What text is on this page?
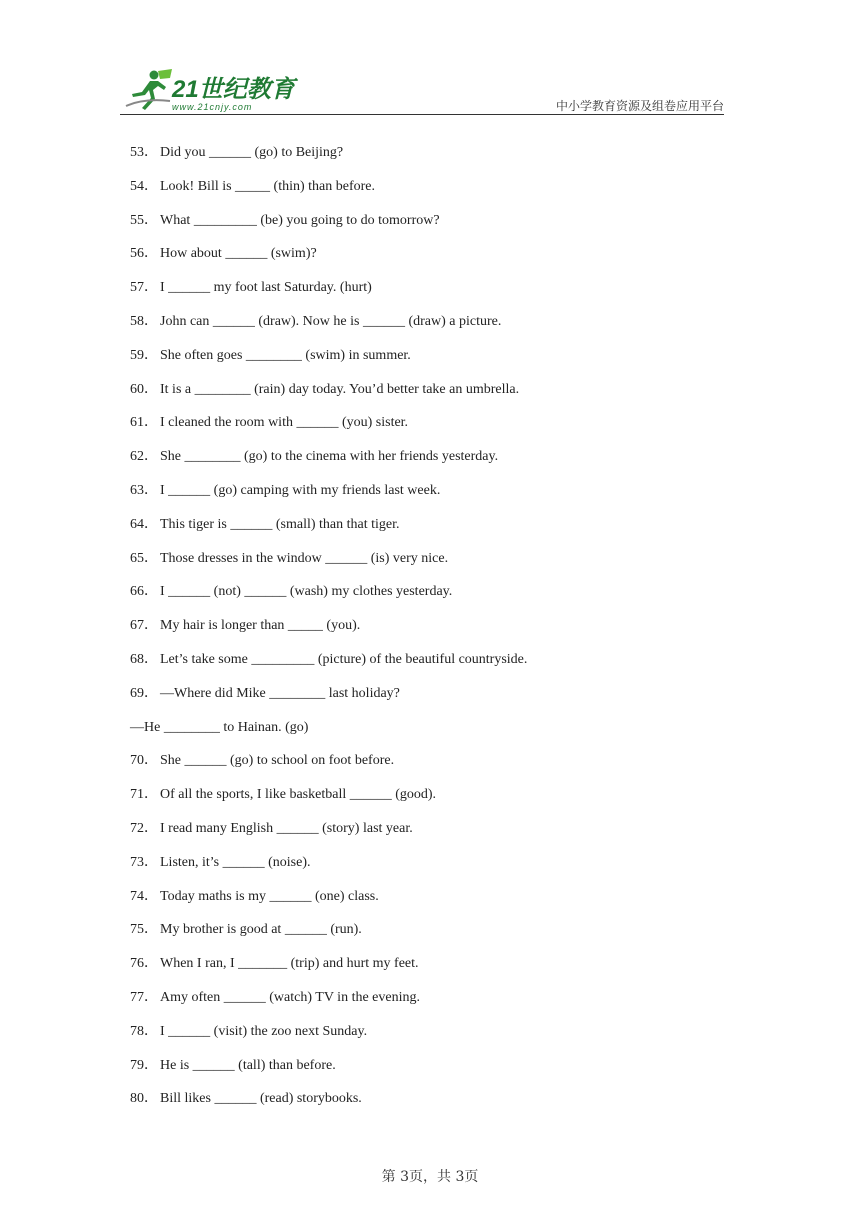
21世纪教育
www.21cnjy.com	中小学教育资源及组卷应用平台
53． Did you ______ (go) to Beijing?
54． Look! Bill is _____ (thin) than before.
55． What _________ (be) you going to do tomorrow?
56． How about ______ (swim)?
57． I ______ my foot last Saturday. (hurt)
58． John can ______ (draw). Now he is ______ (draw) a picture.
59． She often goes ________ (swim) in summer.
60． It is a ________ (rain) day today. You’d better take an umbrella.
61． I cleaned the room with ______ (you) sister.
62． She ________ (go) to the cinema with her friends yesterday.
63． I ______ (go) camping with my friends last week.
64． This tiger is ______ (small) than that tiger.
65． Those dresses in the window ______ (is) very nice.
66． I ______ (not) ______ (wash) my clothes yesterday.
67． My hair is longer than _____ (you).
68． Let’s take some _________ (picture) of the beautiful countryside.
69． —Where did Mike ________ last holiday?
—He ________ to Hainan. (go)
70． She ______ (go) to school on foot before.
71． Of all the sports, I like basketball ______ (good).
72． I read many English ______ (story) last year.
73． Listen, it’s ______ (noise).
74． Today maths is my ______ (one) class.
75． My brother is good at ______ (run).
76． When I ran, I _______ (trip) and hurt my feet.
77． Amy often ______ (watch) TV in the evening.
78． I ______ (visit) the zoo next Sunday.
79． He is ______ (tall) than before.
80． Bill likes ______ (read) storybooks.
第 3页，共 3页
